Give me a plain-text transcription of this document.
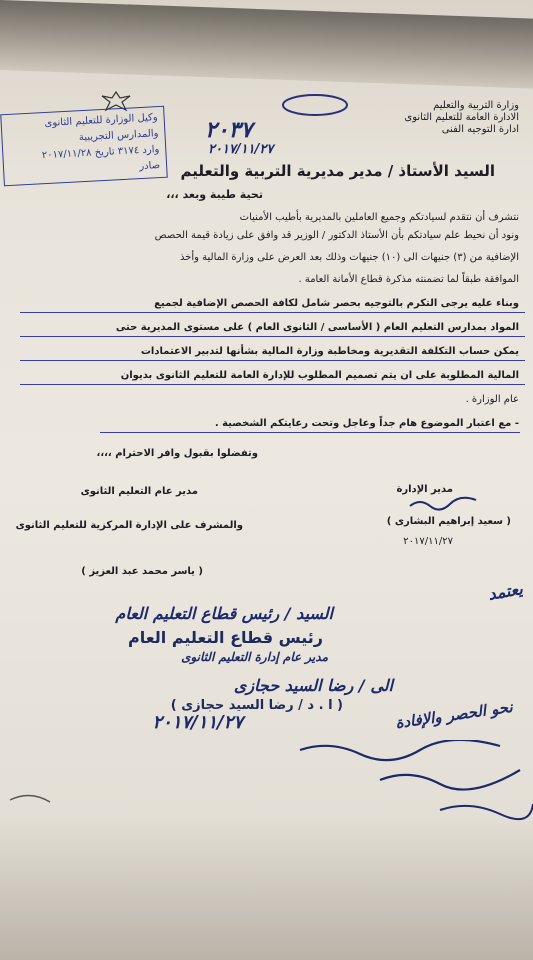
وزارة التربية والتعليم
الادارة العامة للتعليم الثانوى
ادارة التوجيه الفنى
٢٠٣٧
٢٠١٧/١١/٢٧
وكيل الوزارة للتعليم الثانوى
والمدارس التجريبية
وارد ٣١٧٤ تاريخ ٢٠١٧/١١/٢٨
صادر السيد الأستاذ / مدير مديرية التربية والتعليم
تحية طيبة وبعد ،،،
نتشرف أن نتقدم لسيادتكم وجميع العاملين بالمديرية بأطيب الأمنيات
ونود أن نحيط علم سيادتكم بأن الأستاذ الدكتور / الوزير قد وافق على زيادة قيمة الحصص
الإضافية من (٣) جنيهات الى (١٠) جنيهات وذلك بعد العرض على وزارة المالية وأخذ
الموافقة طبقاً لما تضمنته مذكرة قطاع الأمانة العامة .
وبناء عليه يرجى التكرم بالتوجيه بحصر شامل لكافة الحصص الإضافية لجميع
المواد بمدارس التعليم العام ( الأساسى / الثانوى العام ) على مستوى المديرية حتى
يمكن حساب التكلفة التقديرية ومخاطبة وزارة المالية بشأنها لتدبير الاعتمادات
المالية المطلوبة على ان يتم تصميم المطلوب للإدارة العامة للتعليم الثانوى بديوان
عام الوزارة .
- مع اعتبار الموضوع هام جداً وعاجل وتحت رعايتكم الشخصية .
وتفضلوا بقبول وافر الاحترام ،،،،
مدير الإدارة
( سعيد إبراهيم البشارى )
٢٠١٧/١١/٢٧
مدير عام التعليم الثانوى
والمشرف على الإدارة المركزية للتعليم الثانوى
( ياسر محمد عبد العزيز )
يعتمد
السيد / رئيس قطاع التعليم العام
رئيس قطاع التعليم العام
مدير عام إدارة التعليم الثانوى
الى / رضا السيد حجازى
( ا . د / رضا السيد حجازى )
٢٠١٧/١١/٢٧	نحو الحصر والإفادة
